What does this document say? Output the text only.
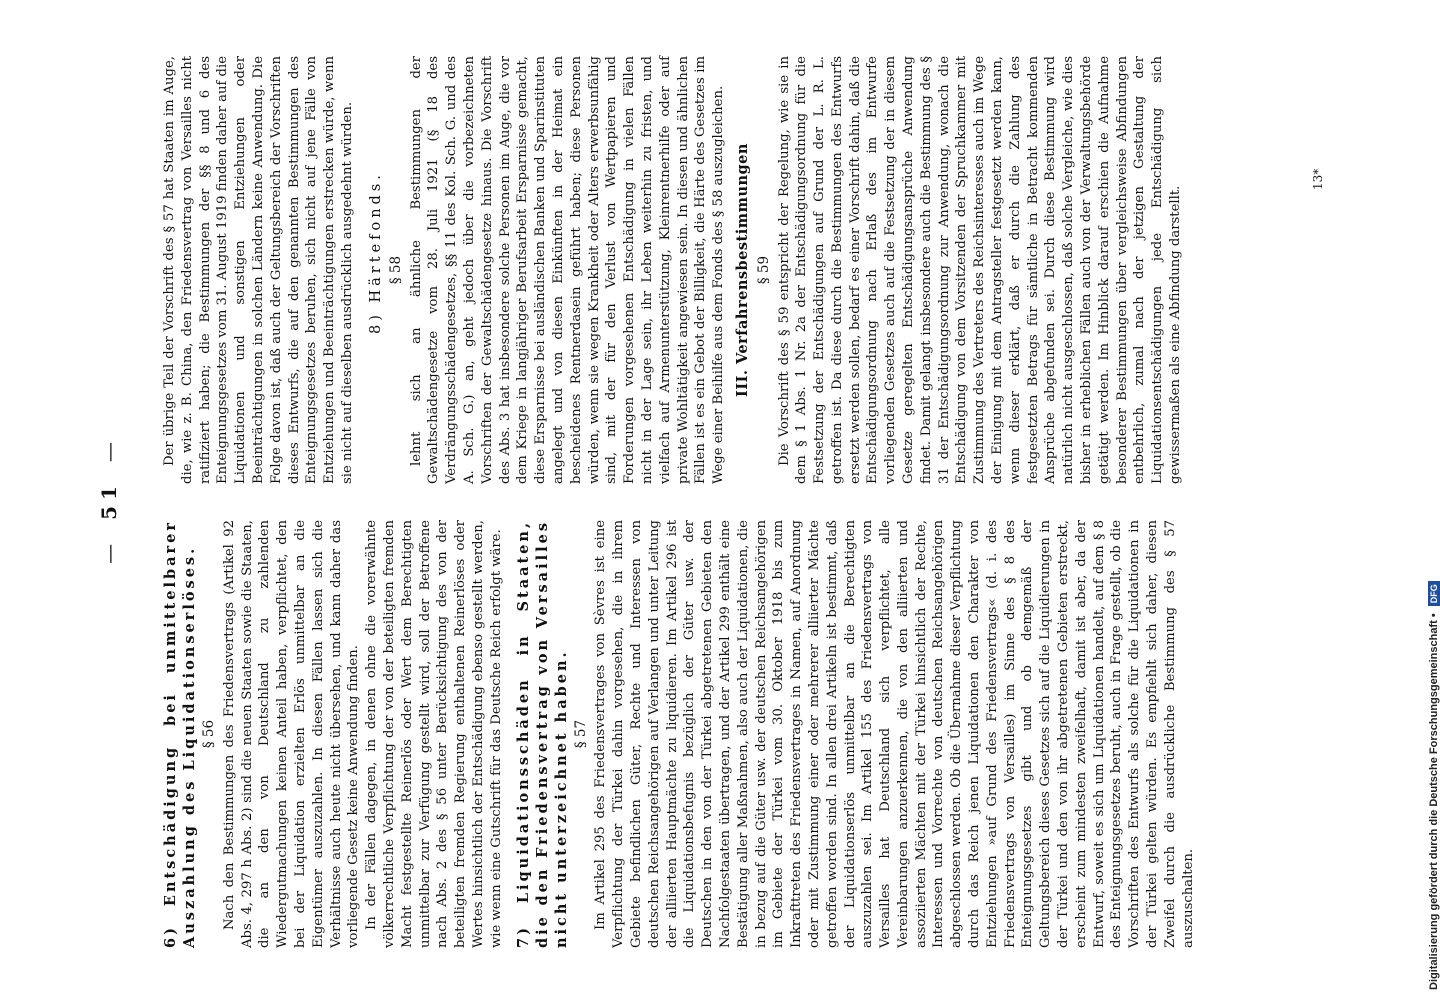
—
51
—
6) Entschädigung bei unmittelbarer Auszahlung des Liquidationserlöses. § 56 Nach den Bestimmungen des Friedensvertrags (Artikel 92 Abs. 4, 297 h Abs. 2) sind die neuen Staaten sowie die Staaten, die an den von Deutschland zu zahlenden Wiedergutmachungen keinen Anteil haben, verpflichtet, den bei der Liquidation erzielten Erlös unmittelbar an die Eigentümer auszuzahlen. In diesen Fällen lassen sich die Verhältnisse auch heute nicht übersehen, und kann daher das vorliegende Gesetz keine Anwendung finden. In der Fällen dagegen, in denen ohne die vorerwähnte völkerrechtliche Verpflichtung der von der beteiligten fremden Macht festgestellte Reinerlös oder Wert dem Berechtigten unmittelbar zur Verfügung gestellt wird, soll der Betroffene nach Abs. 2 des § 56 unter Berücksichtigung des von der beteiligten fremden Regierung enthaltenen Reinerlöses oder Wertes hinsichtlich der Entschädigung ebenso gestellt werden, wie wenn eine Gutschrift für das Deutsche Reich erfolgt wäre. 7) Liquidationsschäden in Staaten, die den Friedensvertrag von Versailles nicht unterzeichnet haben. § 57 Im Artikel 295 des Friedensvertrages von Sèvres ist eine Verpflichtung der Türkei dahin vorgesehen, die in ihrem Gebiete befindlichen Güter, Rechte und Interessen von deutschen Reichsangehörigen auf Verlangen und unter Leitung der alliierten Hauptmächte zu liquidieren. Im Artikel 296 ist die Liquidationsbefugnis bezüglich der Güter usw. der Deutschen in den von der Türkei abgetretenen Gebieten den Nachfolgestaaten übertragen, und der Artikel 299 enthält eine Bestätigung aller Maßnahmen, also auch der Liquidationen, die in bezug auf die Güter usw. der deutschen Reichsangehörigen im Gebiete der Türkei vom 30. Oktober 1918 bis zum Inkrafttreten des Friedensvertrages in Namen, auf Anordnung oder mit Zustimmung einer oder mehrerer alliierter Mächte getroffen worden sind. In allen drei Artikeln ist bestimmt, daß der Liquidationserlös unmittelbar an die Berechtigten auszuzahlen sei. Im Artikel 155 des Friedensvertrags von Versailles hat Deutschland sich verpflichtet, alle Vereinbarungen anzuerkennen, die von den alliierten und assoziierten Mächten mit der Türkei hinsichtlich der Rechte, Interessen und Vorrechte von deutschen Reichsangehörigen abgeschlossen werden. Ob die Übernahme dieser Verpflichtung durch das Reich jenen Liquidationen den Charakter von Entziehungen »auf Grund des Friedensvertrags« (d. i. des Friedensvertrags von Versailles) im Sinne des § 8 des Enteignungsgesetzes gibt und ob demgemäß der Geltungsbereich dieses Gesetzes sich auf die Liquidierungen in der Türkei und den von ihr abgetretenen Gebieten erstreckt, erscheint zum mindesten zweifelhaft, damit ist aber, da der Entwurf, soweit es sich um Liquidationen handelt, auf dem § 8 des Enteignungsgesetzes beruht, auch in Frage gestellt, ob die Vorschriften des Entwurfs als solche für die Liquidationen in der Türkei gelten würden. Es empfiehlt sich daher, diesen Zweifel durch die ausdrückliche Bestimmung des § 57 auszuschalten.

Der übrige Teil der Vorschrift des § 57 hat Staaten im Auge, die, wie z. B. China, den Friedensvertrag von Versailles nicht ratifiziert haben; die Bestimmungen der §§ 8 und 6 des Enteignungsgesetzes vom 31. August 1919 finden daher auf die Liquidationen und sonstigen Entziehungen oder Beeinträchtigungen in solchen Ländern keine Anwendung. Die Folge davon ist, daß auch der Geltungsbereich der Vorschriften dieses Entwurfs, die auf den genannten Bestimmungen des Enteignungsgesetzes beruhen, sich nicht auf jene Fälle von Entziehungen und Beeinträchtigungen erstrecken würde, wenn sie nicht auf dieselben ausdrücklich ausgedehnt würden. 8) Härtefonds. § 58 lehnt sich an ähnliche Bestimmungen der Gewaltschädengesetze vom 28. Juli 1921 (§ 18 des Verdrängungsschädengesetzes, §§ 11 des Kol. Sch. G. und des A. Sch. G.) an, geht jedoch über die vorbezeichneten Vorschriften der Gewaltschädengesetze hinaus. Die Vorschrift des Abs. 3 hat insbesondere solche Personen im Auge, die vor dem Kriege in langjähriger Berufsarbeit Ersparnisse gemacht, diese Ersparnisse bei ausländischen Banken und Sparinstituten angelegt und von diesen Einkünften in der Heimat ein bescheidenes Rentnerdasein geführt haben; diese Personen würden, wenn sie wegen Krankheit oder Alters erwerbsunfähig sind, mit der für den Verlust von Wertpapieren und Forderungen vorgesehenen Entschädigung in vielen Fällen nicht in der Lage sein, ihr Leben weiterhin zu fristen, und vielfach auf Armenunterstützung, Kleinrentnerhilfe oder auf private Wohltätigkeit angewiesen sein. In diesen und ähnlichen Fällen ist es ein Gebot der Billigkeit, die Härte des Gesetzes im Wege einer Beihilfe aus dem Fonds des § 58 auszugleichen. III. Verfahrensbestimmungen § 59 Die Vorschrift des § 59 entspricht der Regelung, wie sie in dem § 1 Abs. 1 Nr. 2a der Entschädigungsordnung für die Festsetzung der Entschädigungen auf Grund der L. R. L. getroffen ist. Da diese durch die Bestimmungen des Entwurfs ersetzt werden sollen, bedarf es einer Vorschrift dahin, daß die Entschädigungsordnung nach Erlaß des im Entwurfe vorliegenden Gesetzes auch auf die Festsetzung der in diesem Gesetze geregelten Entschädigungsansprüche Anwendung findet. Damit gelangt insbesondere auch die Bestimmung des § 31 der Entschädigungsordnung zur Anwendung, wonach die Entschädigung von dem Vorsitzenden der Spruchkammer mit Zustimmung des Vertreters des Reichsinteresses auch im Wege der Einigung mit dem Antragsteller festgesetzt werden kann, wenn dieser erklärt, daß er durch die Zahlung des festgesetzten Betrags für sämtliche in Betracht kommenden Ansprüche abgefunden sei. Durch diese Bestimmung wird natürlich nicht ausgeschlossen, daß solche Vergleiche, wie dies bisher in erheblichen Fällen auch von der Verwaltungsbehörde getätigt werden. Im Hinblick darauf erschien die Aufnahme besonderer Bestimmungen über vergleichsweise Abfindungen entbehrlich, zumal nach der jetzigen Gestaltung der Liquidationsentschädigungen jede Entschädigung sich gewissermaßen als eine Abfindung darstellt.

13*
Digitalisierung gefördert durch die Deutsche Forschungsgemeinschaft • DFG
